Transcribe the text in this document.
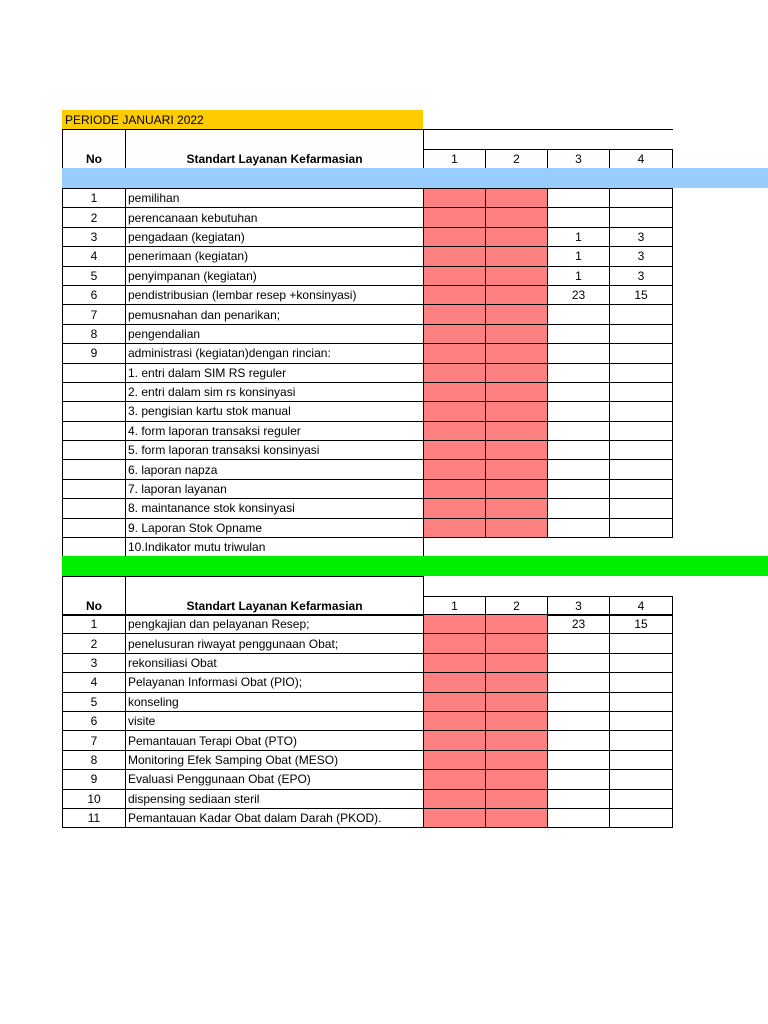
PERIODE JANUARI 2022
No	Standart Layanan Kefarmasian				
		1	2	3	4
1	pemilihan				
2	perencanaan kebutuhan				
3	pengadaan (kegiatan)			1	3
4	penerimaan (kegiatan)			1	3
5	penyimpanan (kegiatan)			1	3
6	pendistribusian (lembar resep +konsinyasi)			23	15
7	pemusnahan dan penarikan;				
8	pengendalian				
9	administrasi (kegiatan)dengan rincian:				
	1. entri dalam SIM RS reguler				
	2. entri dalam sim rs konsinyasi				
	3. pengisian kartu stok manual				
	4. form laporan transaksi reguler				
	5. form laporan transaksi konsinyasi				
	6. laporan napza				
	7. laporan layanan				
	8. maintanance stok konsinyasi				
	9. Laporan Stok Opname				
	10.Indikator mutu triwulan				
No	Standart Layanan Kefarmasian				
		1	2	3	4
1	pengkajian dan pelayanan Resep;			23	15
2	penelusuran riwayat penggunaan Obat;				
3	rekonsiliasi Obat				
4	Pelayanan Informasi Obat (PIO);				
5	konseling				
6	visite				
7	Pemantauan Terapi Obat (PTO)				
8	Monitoring Efek Samping Obat (MESO)				
9	Evaluasi Penggunaan Obat (EPO)				
10	dispensing sediaan steril				
11	Pemantauan Kadar Obat dalam Darah (PKOD).				
